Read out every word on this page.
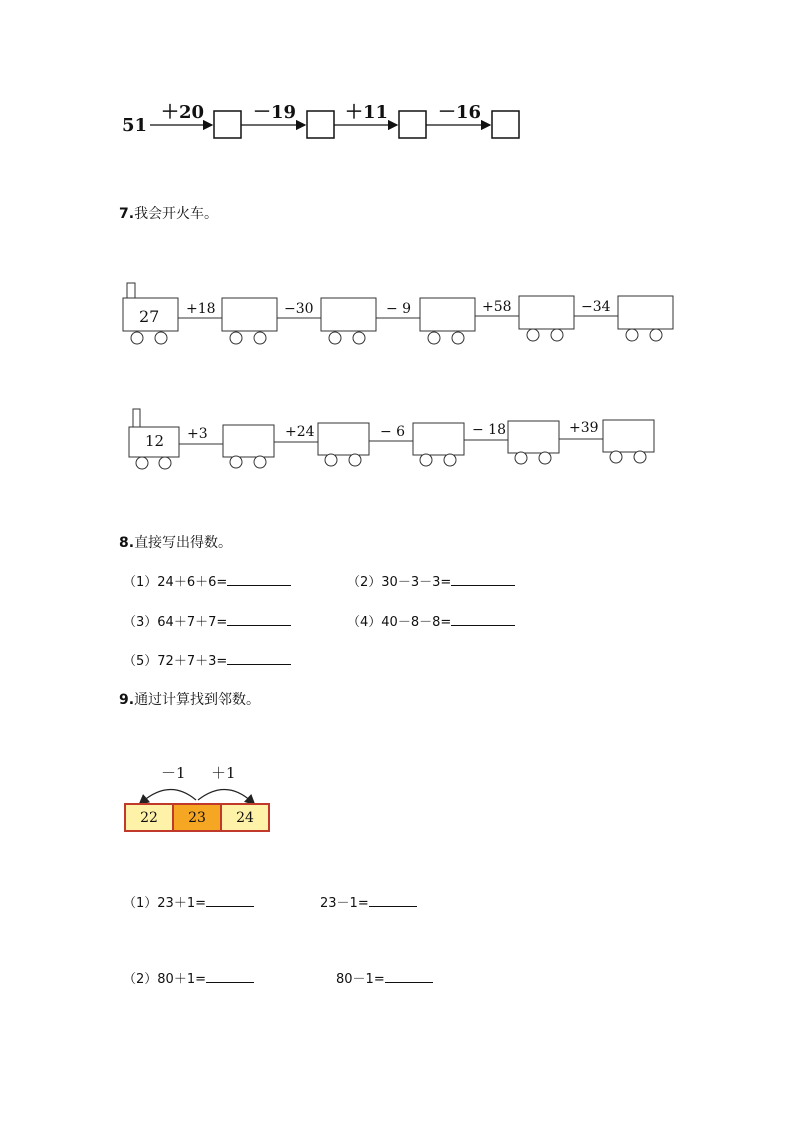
51
＋20	－19	＋11	－16
7.我会开火车。
27 +18	−30	− 9	+58	−34
12 +3	+24	− 6	− 18	+39
8.直接写出得数。
（1）24＋6＋6=	（2）30－3－3=
（3）64＋7＋7=	（4）40－8－8=
（5）72＋7＋3=
9.通过计算找到邻数。
－1 ＋1
22	23	24
（1）23＋1=	23－1=
（2）80＋1=	80－1=
